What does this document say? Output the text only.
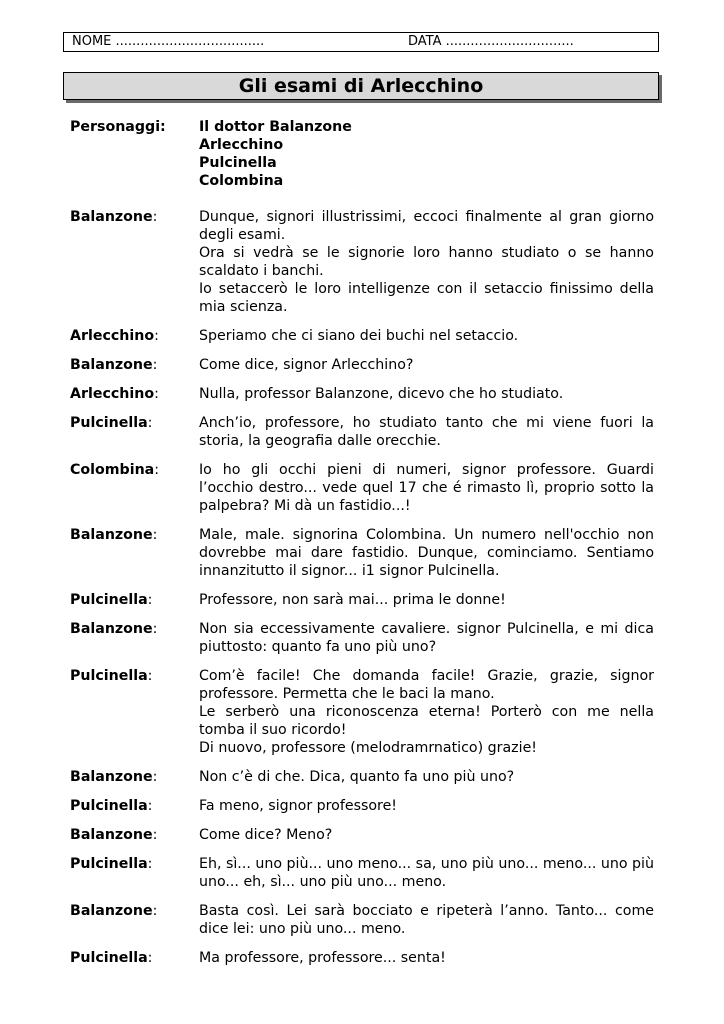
NOME ....................................	DATA ...............................
Gli esami di Arlecchino
Personaggi:	Il dottor Balanzone

Arlecchino

Pulcinella

Colombina

Balanzone:	Dunque, signori illustrissimi, eccoci finalmente al gran giorno degli esami.

Ora si vedrà se le signorie loro hanno studiato o se hanno scaldato i banchi.

Io setaccerò le loro intelligenze con il setaccio finissimo della mia scienza.

Arlecchino:	Speriamo che ci siano dei buchi nel setaccio.

Balanzone:	Come dice, signor Arlecchino?

Arlecchino:	Nulla, professor Balanzone, dicevo che ho studiato.

Pulcinella:	Anch’io, professore, ho studiato tanto che mi viene fuori la storia, la geografia dalle orecchie.

Colombina:	Io ho gli occhi pieni di numeri, signor professore. Guardi l’occhio destro... vede quel 17 che é rimasto lì, proprio sotto la palpebra? Mi dà un fastidio...!

Balanzone:	Male, male. signorina Colombina. Un numero nell'occhio non dovrebbe mai dare fastidio. Dunque, cominciamo. Sentiamo innanzitutto il signor... i1 signor Pulcinella.

Pulcinella:	Professore, non sarà mai... prima le donne!

Balanzone:	Non sia eccessivamente cavaliere. signor Pulcinella, e mi dica piuttosto: quanto fa uno più uno?

Pulcinella:	Com’è facile! Che domanda facile! Grazie, grazie, signor professore. Permetta che le baci la mano.

Le serberò una riconoscenza eterna! Porterò con me nella tomba il suo ricordo!

Di nuovo, professore (melodramrnatico) grazie!

Balanzone:	Non c’è di che. Dica, quanto fa uno più uno?

Pulcinella:	Fa meno, signor professore!

Balanzone:	Come dice? Meno?

Pulcinella:	Eh, sì... uno più... uno meno... sa, uno più uno... meno... uno più uno... eh, sì... uno più uno... meno.

Balanzone:	Basta così. Lei sarà bocciato e ripeterà l’anno. Tanto... come dice lei: uno più uno... meno.

Pulcinella:	Ma professore, professore... senta!
